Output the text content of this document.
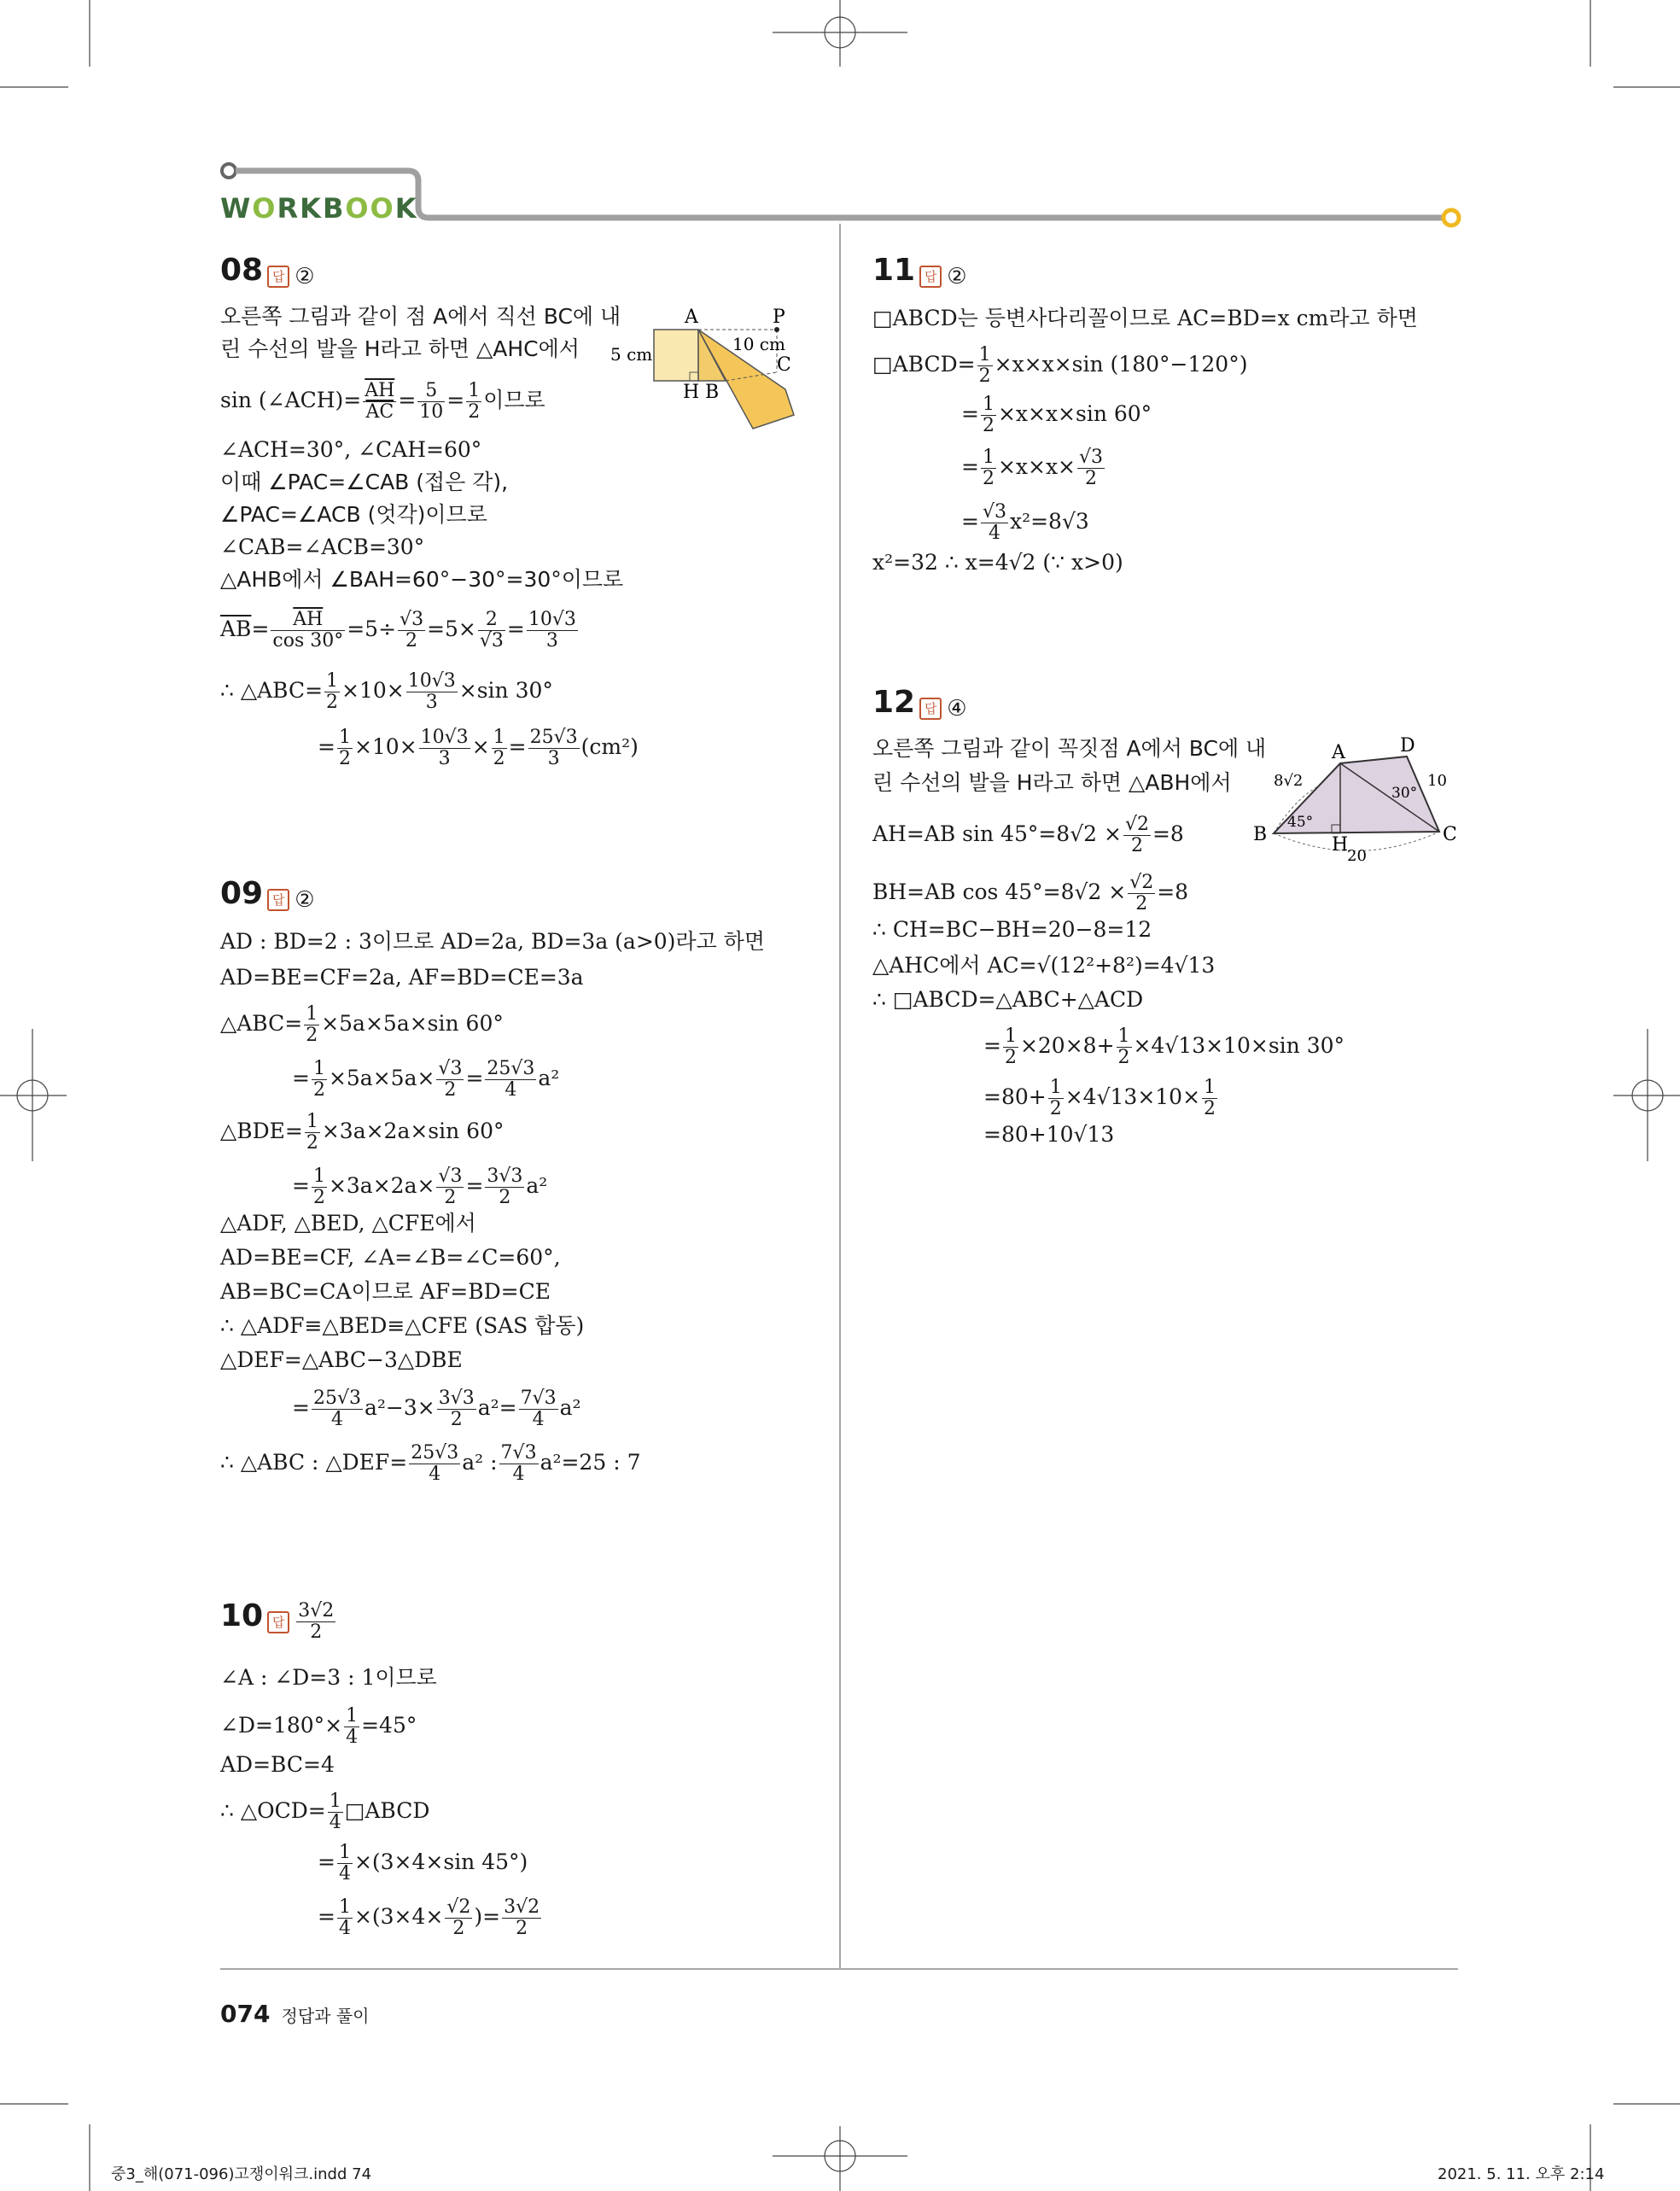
WORKBOOK
08 답 ②
오른쪽 그림과 같이 점 A에서 직선 BC에 내
린 수선의 발을 H라고 하면 △AHC에서
sin (∠ACH)= $\frac{\overline{AH}}{AC} = \frac{5}{10} = \frac{1}{2}$ 이므로
∠ACH=30°, ∠CAH=60°
이때 ∠PAC=∠CAB (접은 각),
∠PAC=∠ACB (엇각)이므로
∠CAB=∠ACB=30°
△AHB에서 ∠BAH=60°−30°=30°이므로
$\overline{AB}= \frac{\overline{AH}}{\cos 30^\circ} =5\div \frac{√3}{2} =5\times \frac{2}{√3} = \frac{10√3}{3}$
∴ △ABC= $\frac{1}{2} \times 10\times \frac{10√3}{3} \times\sin$ 30°
= $\frac{1}{2} \times 10\times \frac{10√3}{3} \times \frac{1}{2} = \frac{25√3}{3} (cm^2)$
A	P
C
H B
5 cm	10 cm
09 답 ②
AD : BD=2 : 3이므로 AD=2a, BD=3a (a>0)라고 하면
AD=BE=CF=2a, AF=BD=CE=3a
△ABC= $\frac{1}{2} \times 5a\times 5a\times\sin$ 60°
= $\frac{1}{2} \times 5a\times 5a\times \frac{√3}{2} = \frac{25√3}{4} a^2$
△BDE= $\frac{1}{2} \times 3a\times 2a\times\sin$ 60°
= $\frac{1}{2} \times 3a\times 2a\times \frac{√3}{2} = \frac{3√3}{2} a^2$
△ADF, △BED, △CFE에서
AD=BE=CF, ∠A=∠B=∠C=60°,
AB=BC=CA이므로 AF=BD=CE
∴ △ADF≡△BED≡△CFE (SAS 합동)
△DEF=△ABC−3△DBE
= $\frac{25√3}{4} a^2-3\times \frac{3√3}{2} a^2= \frac{7√3}{4} a^2$
∴ △ABC : △DEF= $\frac{25√3}{4} a^2$ : $\frac{7√3}{4} a^2=25$ : 7
10 답 $\frac{3√2}{2}$
∠A : ∠D=3 : 1이므로
∠D=180°× $\frac{1}{4} =45^\circ$
AD=BC=4
∴ △OCD= $\frac{1}{4}$ □ABCD
= $\frac{1}{4} \times(3\times 4\times\sin$ 45°)
= $\frac{1}{4} \times(3\times 4\times \frac{√2}{2}$ )= $\frac{3√2}{2}$
11 답 ②
□ABCD는 등변사다리꼴이므로 AC=BD=x cm라고 하면
□ABCD= $\frac{1}{2} \times x\times x\times\sin$ (180°−120°)
= $\frac{1}{2} \times x\times x\times\sin$ 60°
= $\frac{1}{2} \times x\times x\times \frac{√3}{2}$
= $\frac{√3}{4} x^2=8√3$
x²=32 ∴ x=4√2 (∵ x>0)
12 답 ④
오른쪽 그림과 같이 꼭짓점 A에서 BC에 내
린 수선의 발을 H라고 하면 △ABH에서
AH=AB $\sin 45^\circ=8√2 \times \frac{√2}{2} =8$
BH=AB $\cos 45^\circ=8√2 \times \frac{√2}{2} =8$
∴ CH=BC−BH=20−8=12
△AHC에서 AC=√(12²+8²)=4√13
∴ □ABCD=△ABC+△ACD
= $\frac{1}{2} \times 20\times 8+ \frac{1}{2} \times 4√13\times 10\times\sin$ 30°
$=80+ \frac{1}{2} \times 4√13\times 10\times \frac{1}{2}$
=80+10√13
A	D
B	C
H
8√2	10
20
45°
30°
074 정답과 풀이
중3_해(071-096)고쟁이워크.indd 74	2021. 5. 11. 오후 2:14
